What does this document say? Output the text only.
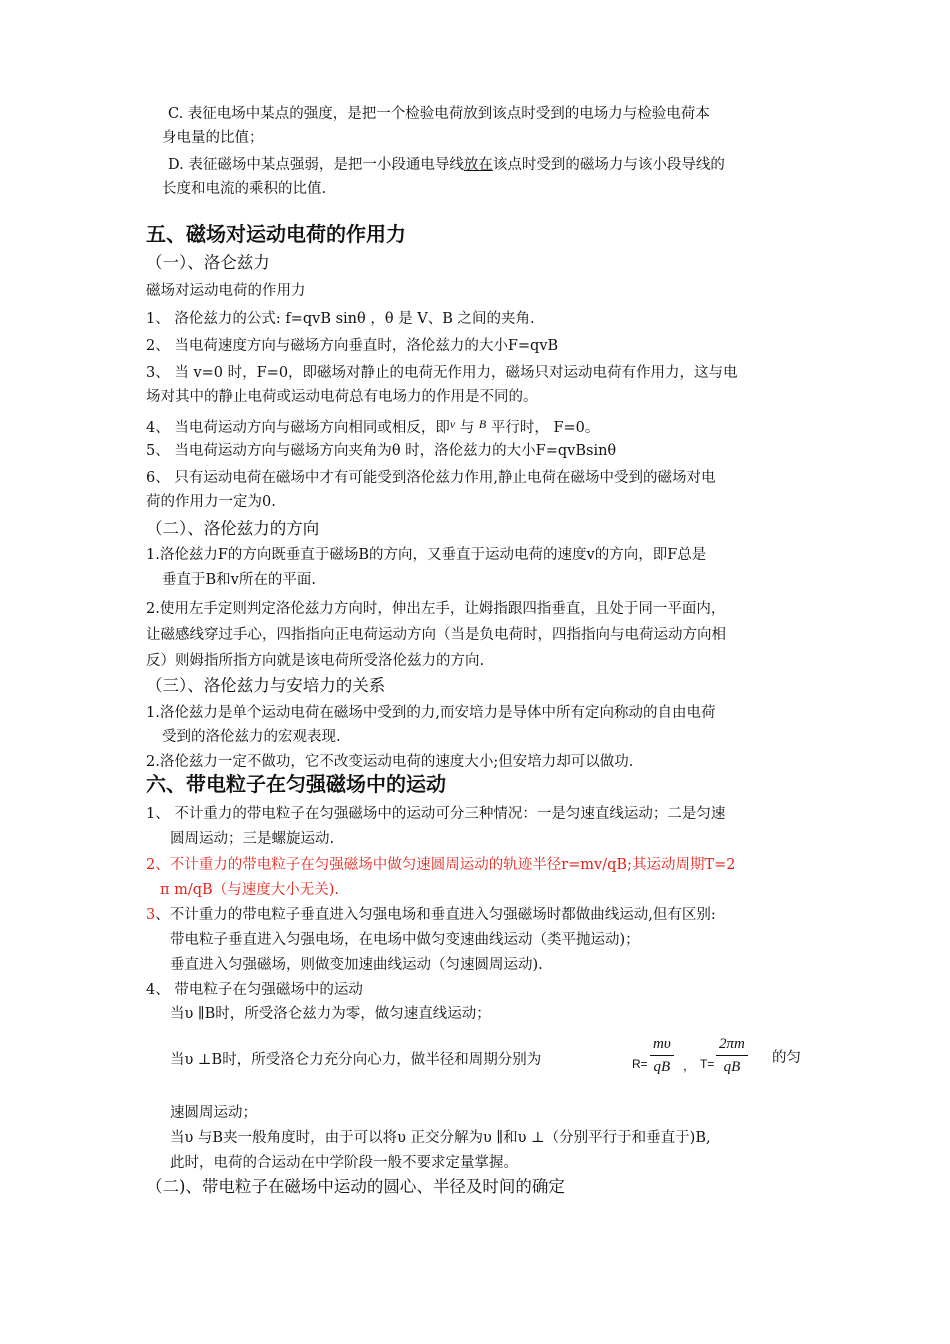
C. 表征电场中某点的强度，是把一个检验电荷放到该点时受到的电场力与检验电荷本
身电量的比值；
D. 表征磁场中某点强弱，是把一小段通电导线放在该点时受到的磁场力与该小段导线的
长度和电流的乘积的比值.
五、磁场对运动电荷的作用力
（一）、洛仑兹力
磁场对运动电荷的作用力
1、 洛伦兹力的公式: f=qvB sinθ ，θ 是 V、B 之间的夹角.
2、 当电荷速度方向与磁场方向垂直时，洛伦兹力的大小F=qvB
3、 当 v=0 时，F=0，即磁场对静止的电荷无作用力，磁场只对运动电荷有作用力，这与电
场对其中的静止电荷或运动电荷总有电场力的作用是不同的。
4、 当电荷运动方向与磁场方向相同或相反，即$^v$ 与 $^B$ 平行时， F=0。
5、 当电荷运动方向与磁场方向夹角为θ 时，洛伦兹力的大小F=qvBsinθ
6、 只有运动电荷在磁场中才有可能受到洛伦兹力作用,静止电荷在磁场中受到的磁场对电
荷的作用力一定为0.
（二）、洛伦兹力的方向
1.洛伦兹力F的方向既垂直于磁场B的方向，又垂直于运动电荷的速度v的方向，即F总是
垂直于B和v所在的平面.
2.使用左手定则判定洛伦兹力方向时，伸出左手，让姆指跟四指垂直，且处于同一平面内，
让磁感线穿过手心，四指指向正电荷运动方向（当是负电荷时，四指指向与电荷运动方向相
反）则姆指所指方向就是该电荷所受洛伦兹力的方向.
（三）、洛伦兹力与安培力的关系
1.洛伦兹力是单个运动电荷在磁场中受到的力,而安培力是导体中所有定向称动的自由电荷
受到的洛伦兹力的宏观表现.
2.洛伦兹力一定不做功，它不改变运动电荷的速度大小;但安培力却可以做功.
六、带电粒子在匀强磁场中的运动
1、 不计重力的带电粒子在匀强磁场中的运动可分三种情况：一是匀速直线运动；二是匀速
圆周运动；三是螺旋运动.
2、不计重力的带电粒子在匀强磁场中做匀速圆周运动的轨迹半径r=mv/qB;其运动周期T=2
π m/qB（与速度大小无关).
3、不计重力的带电粒子垂直进入匀强电场和垂直进入匀强磁场时都做曲线运动,但有区别:
带电粒子垂直进入匀强电场，在电场中做匀变速曲线运动（类平抛运动)；
垂直进入匀强磁场，则做变加速曲线运动（匀速圆周运动).
4、 带电粒子在匀强磁场中的运动
当υ ∥B时，所受洛仑兹力为零，做匀速直线运动；
当υ ⊥B时，所受洛仑力充分向心力，做半径和周期分别为	$R= \frac{m\upsilon}{qB}$ ， $T= \frac{2\pi m}{qB}$ 的匀
速圆周运动；
当υ 与B夹一般角度时，由于可以将υ 正交分解为υ ∥和υ ⊥（分别平行于和垂直于)B,
此时，电荷的合运动在中学阶段一般不要求定量掌握。
（二)、带电粒子在磁场中运动的圆心、半径及时间的确定
